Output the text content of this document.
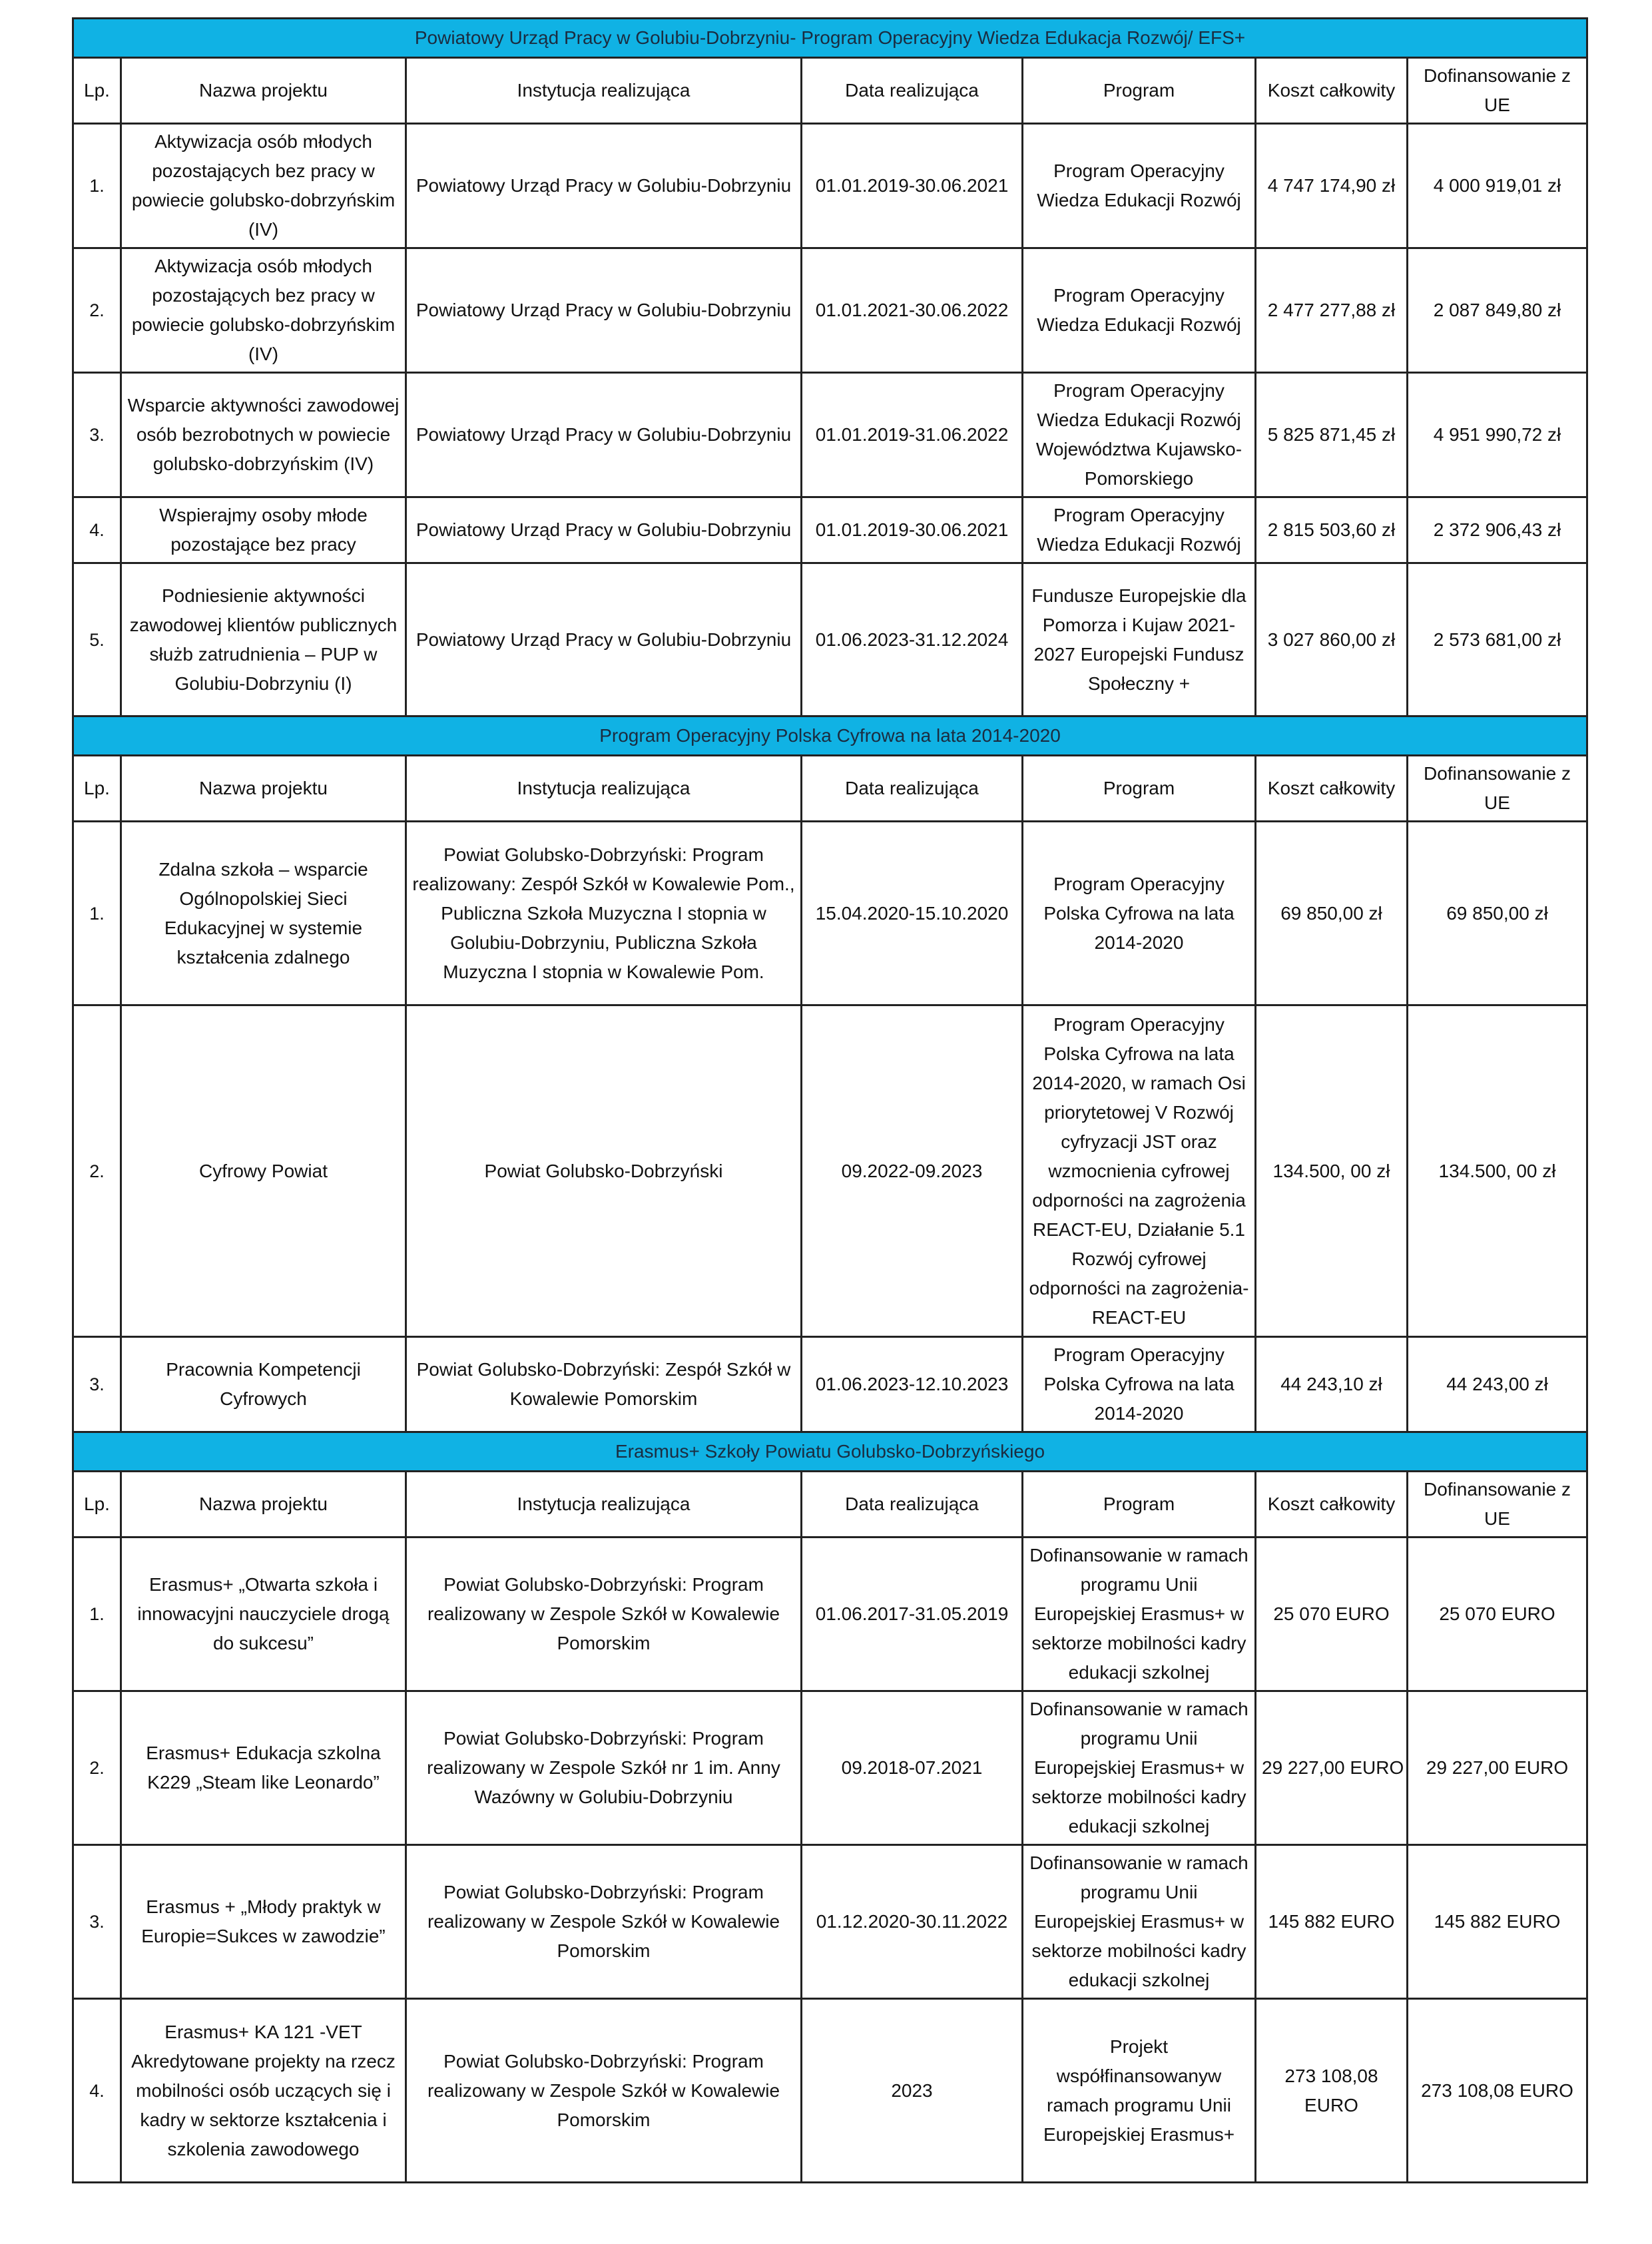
Powiatowy Urząd Pracy w Golubiu-Dobrzyniu- Program Operacyjny Wiedza Edukacja Rozwój/ EFS+						
Lp.	Nazwa projektu	Instytucja realizująca	Data realizująca	Program	Koszt całkowity	Dofinansowanie z UE
1.	Aktywizacja osób młodych pozostających bez pracy w powiecie golubsko-dobrzyńskim (IV)	Powiatowy Urząd Pracy w Golubiu-Dobrzyniu	01.01.2019-30.06.2021	Program Operacyjny Wiedza Edukacji Rozwój	4 747 174,90 zł	4 000 919,01 zł
2.	Aktywizacja osób młodych pozostających bez pracy w powiecie golubsko-dobrzyńskim (IV)	Powiatowy Urząd Pracy w Golubiu-Dobrzyniu	01.01.2021-30.06.2022	Program Operacyjny Wiedza Edukacji Rozwój	2 477 277,88 zł	2 087 849,80 zł
3.	Wsparcie aktywności zawodowej osób bezrobotnych w powiecie golubsko-dobrzyńskim (IV)	Powiatowy Urząd Pracy w Golubiu-Dobrzyniu	01.01.2019-31.06.2022	Program Operacyjny Wiedza Edukacji Rozwój Województwa Kujawsko-Pomorskiego	5 825 871,45 zł	4 951 990,72 zł
4.	Wspierajmy osoby młode pozostające bez pracy	Powiatowy Urząd Pracy w Golubiu-Dobrzyniu	01.01.2019-30.06.2021	Program Operacyjny Wiedza Edukacji Rozwój	2 815 503,60 zł	2 372 906,43 zł
5.	Podniesienie aktywności zawodowej klientów publicznych służb zatrudnienia – PUP w Golubiu-Dobrzyniu (I)	Powiatowy Urząd Pracy w Golubiu-Dobrzyniu	01.06.2023-31.12.2024	Fundusze Europejskie dla Pomorza i Kujaw 2021-2027 Europejski Fundusz Społeczny +	3 027 860,00 zł	2 573 681,00 zł
Program Operacyjny Polska Cyfrowa na lata 2014-2020						
Lp.	Nazwa projektu	Instytucja realizująca	Data realizująca	Program	Koszt całkowity	Dofinansowanie z UE
1.	Zdalna szkoła – wsparcie Ogólnopolskiej Sieci Edukacyjnej w systemie kształcenia zdalnego	Powiat Golubsko-Dobrzyński: Program realizowany: Zespół Szkół w Kowalewie Pom., Publiczna Szkoła Muzyczna I stopnia w Golubiu-Dobrzyniu, Publiczna Szkoła Muzyczna I stopnia w Kowalewie Pom.	15.04.2020-15.10.2020	Program Operacyjny Polska Cyfrowa na lata 2014-2020	69 850,00 zł	69 850,00 zł
2.	Cyfrowy Powiat	Powiat Golubsko-Dobrzyński	09.2022-09.2023	Program Operacyjny Polska Cyfrowa na lata 2014-2020, w ramach Osi priorytetowej V Rozwój cyfryzacji JST oraz wzmocnienia cyfrowej odporności na zagrożenia REACT-EU, Działanie 5.1 Rozwój cyfrowej odporności na zagrożenia-REACT-EU	134.500, 00 zł	134.500, 00 zł
3.	Pracownia Kompetencji Cyfrowych	Powiat Golubsko-Dobrzyński: Zespół Szkół w Kowalewie Pomorskim	01.06.2023-12.10.2023	Program Operacyjny Polska Cyfrowa na lata 2014-2020	44 243,10 zł	44 243,00 zł
Erasmus+ Szkoły Powiatu Golubsko-Dobrzyńskiego						
Lp.	Nazwa projektu	Instytucja realizująca	Data realizująca	Program	Koszt całkowity	Dofinansowanie z UE
1.	Erasmus+ „Otwarta szkoła i innowacyjni nauczyciele drogą do sukcesu”	Powiat Golubsko-Dobrzyński: Program realizowany w Zespole Szkół w Kowalewie Pomorskim	01.06.2017-31.05.2019	Dofinansowanie w ramach programu Unii Europejskiej Erasmus+ w sektorze mobilności kadry edukacji szkolnej	25 070 EURO	25 070 EURO
2.	Erasmus+ Edukacja szkolna K229 „Steam like Leonardo”	Powiat Golubsko-Dobrzyński: Program realizowany w Zespole Szkół nr 1 im. Anny Wazówny w Golubiu-Dobrzyniu	09.2018-07.2021	Dofinansowanie w ramach programu Unii Europejskiej Erasmus+ w sektorze mobilności kadry edukacji szkolnej	29 227,00 EURO	29 227,00 EURO
3.	Erasmus + „Młody praktyk w Europie=Sukces w zawodzie”	Powiat Golubsko-Dobrzyński: Program realizowany w Zespole Szkół w Kowalewie Pomorskim	01.12.2020-30.11.2022	Dofinansowanie w ramach programu Unii Europejskiej Erasmus+ w sektorze mobilności kadry edukacji szkolnej	145 882 EURO	145 882 EURO
4.	Erasmus+ KA 121 -VET Akredytowane projekty na rzecz mobilności osób uczących się i kadry w sektorze kształcenia i szkolenia zawodowego	Powiat Golubsko-Dobrzyński: Program realizowany w Zespole Szkół w Kowalewie Pomorskim	2023	Projekt współfinansowanyw ramach programu Unii Europejskiej Erasmus+	273 108,08 EURO	273 108,08 EURO
